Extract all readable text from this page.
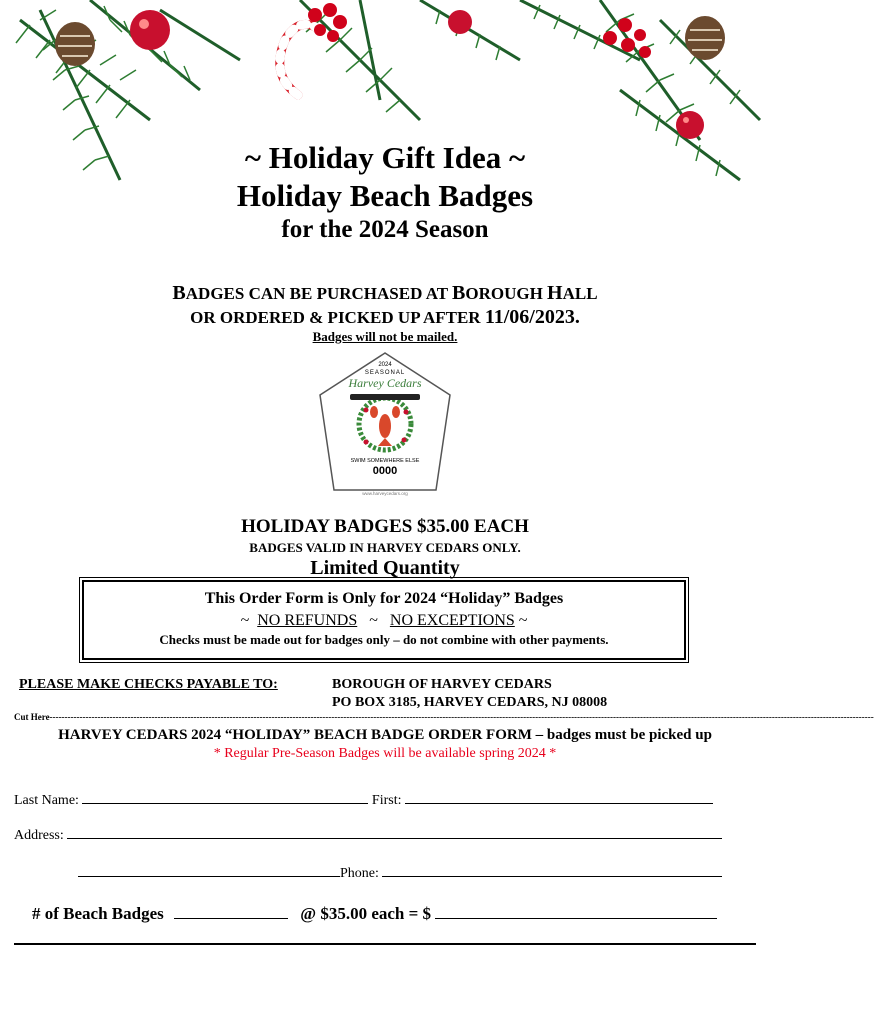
~ Holiday Gift Idea ~
Holiday Beach Badges
for the 2024 Season
BADGES CAN BE PURCHASED AT BOROUGH HALL
OR ORDERED & PICKED UP AFTER 11/06/2023.
Badges will not be mailed.
2024
SEASONAL
Harvey Cedars
SWIM SOMEWHERE ELSE
0000
www.harveycedars.org
HOLIDAY BADGES $35.00 EACH
BADGES VALID IN HARVEY CEDARS ONLY.
Limited Quantity
This Order Form is Only for 2024 “Holiday” Badges
~ NO REFUNDS ~ NO EXCEPTIONS ~
Checks must be made out for badges only – do not combine with other payments.
PLEASE MAKE CHECKS PAYABLE TO:	BOROUGH OF HARVEY CEDARS
PO BOX 3185, HARVEY CEDARS, NJ 08008
Cut Here-----------------------------------------------------------------------------------------------------------------------------------------------------------------------------------------------------------------------------------------------------------------------------------
HARVEY CEDARS 2024 “HOLIDAY” BEACH BADGE ORDER FORM – badges must be picked up
* Regular Pre-Season Badges will be available spring 2024 *
Last Name:	First:
Address:
Phone:
# of Beach Badges	@ $35.00 each = $
